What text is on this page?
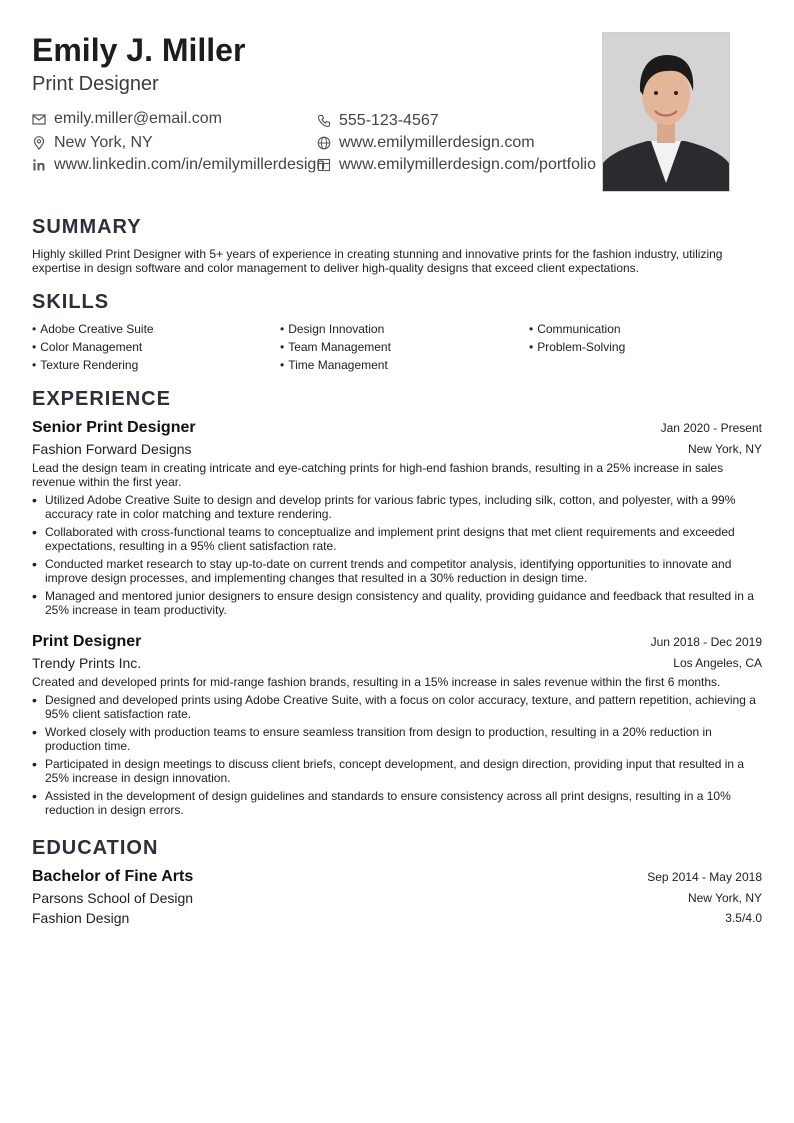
Emily J. Miller
Print Designer
emily.miller@email.com	555-123-4567
New York, NY	www.emilymillerdesign.com
www.linkedin.com/in/emilymillerdesign www.emilymillerdesign.com/portfolio
SUMMARY
Highly skilled Print Designer with 5+ years of experience in creating stunning and innovative prints for the fashion industry, utilizing expertise in design software and color management to deliver high-quality designs that exceed client expectations.
SKILLS
• Adobe Creative Suite	• Design Innovation	• Communication
• Color Management	• Team Management	• Problem-Solving
• Texture Rendering	• Time Management
EXPERIENCE
Senior Print Designer	Jan 2020 - Present
Fashion Forward Designs	New York, NY
Lead the design team in creating intricate and eye-catching prints for high-end fashion brands, resulting in a 25% increase in sales revenue within the first year.
• Utilized Adobe Creative Suite to design and develop prints for various fabric types, including silk, cotton, and polyester, with a 99% accuracy rate in color matching and texture rendering.
• Collaborated with cross-functional teams to conceptualize and implement print designs that met client requirements and exceeded expectations, resulting in a 95% client satisfaction rate.
• Conducted market research to stay up-to-date on current trends and competitor analysis, identifying opportunities to innovate and improve design processes, and implementing changes that resulted in a 30% reduction in design time.
• Managed and mentored junior designers to ensure design consistency and quality, providing guidance and feedback that resulted in a 25% increase in team productivity.
Print Designer	Jun 2018 - Dec 2019
Trendy Prints Inc.	Los Angeles, CA
Created and developed prints for mid-range fashion brands, resulting in a 15% increase in sales revenue within the first 6 months.
• Designed and developed prints using Adobe Creative Suite, with a focus on color accuracy, texture, and pattern repetition, achieving a 95% client satisfaction rate.
• Worked closely with production teams to ensure seamless transition from design to production, resulting in a 20% reduction in production time.
• Participated in design meetings to discuss client briefs, concept development, and design direction, providing input that resulted in a 25% increase in design innovation.
• Assisted in the development of design guidelines and standards to ensure consistency across all print designs, resulting in a 10% reduction in design errors.
EDUCATION
Bachelor of Fine Arts	Sep 2014 - May 2018
Parsons School of Design	New York, NY
Fashion Design	3.5/4.0
